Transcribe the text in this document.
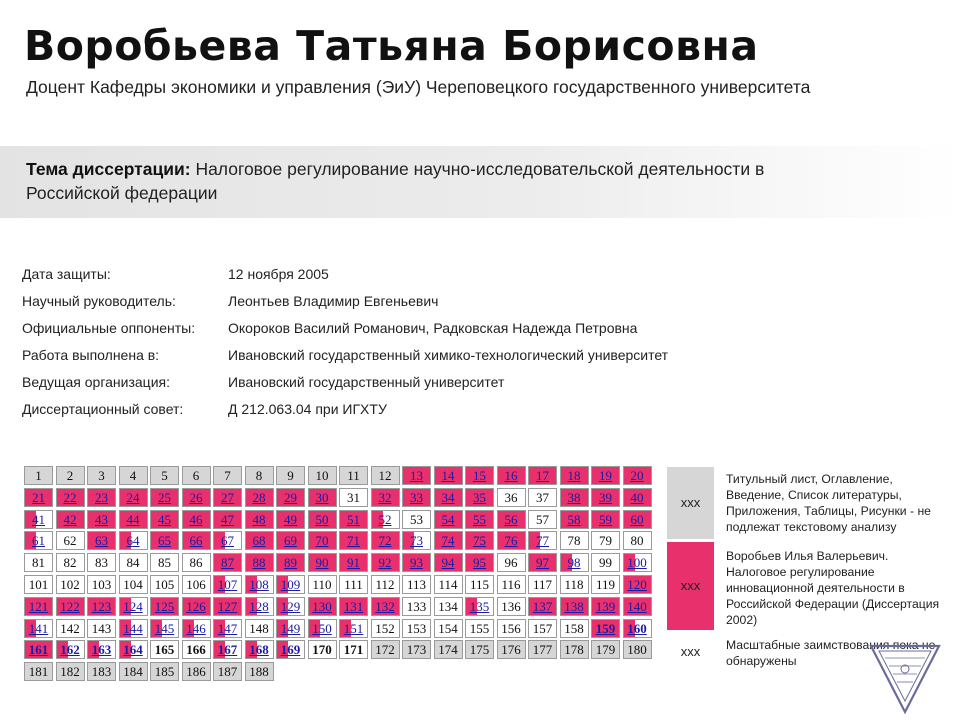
Воробьева Татьяна Борисовна
Доцент Кафедры экономики и управления (ЭиУ) Череповецкого государственного университета
Тема диссертации: Налоговое регулирование научно-исследовательской деятельности в Российской федерации
Дата защиты:	12 ноября 2005
Научный руководитель:	Леонтьев Владимир Евгеньевич
Официальные оппоненты: Окороков Василий Романович, Радковская Надежда Петровна
Работа выполнена в:	Ивановский государственный химико-технологический университет
Ведущая организация:	Ивановский государственный университет
Диссертационный совет:	Д 212.063.04 при ИГХТУ
1	2	3	4	5	6	7	8	9	10	11	12	13	14	15	16	17	18	19	20
21	22	23	24	25	26	27	28	29	30	31	32	33	34	35	36	37	38	39	40
41	42	43	44	45	46	47	48	49	50	51	52	53	54	55	56	57	58	59	60
61	62	63	64	65	66	67	68	69	70	71	72	73	74	75	76	77	78	79	80
81	82	83	84	85	86	87	88	89	90	91	92	93	94	95	96	97	98	99	100
101 102 103 104 105 106 107 108 109 110 111 112 113 114 115 116 117 118 119 120
121 122 123 124 125 126 127 128 129 130 131 132 133 134 135 136 137 138 139 140
141 142 143 144 145 146 147 148 149 150 151 152 153 154 155 156 157 158 159 160
161 162 163 164 165 166 167 168 169 170 171 172 173 174 175 176 177 178 179 180
181 182 183 184 185 186 187 188
xxx
Титульный лист, Оглавление, Введение, Список литературы, Приложения, Таблицы, Рисунки - не подлежат текстовому анализу
xxx
Воробьев Илья Валерьевич. Налоговое регулирование инновационной деятельности в Российской Федерации (Диссертация 2002)
xxx	Масштабные заимствования пока не обнаружены
